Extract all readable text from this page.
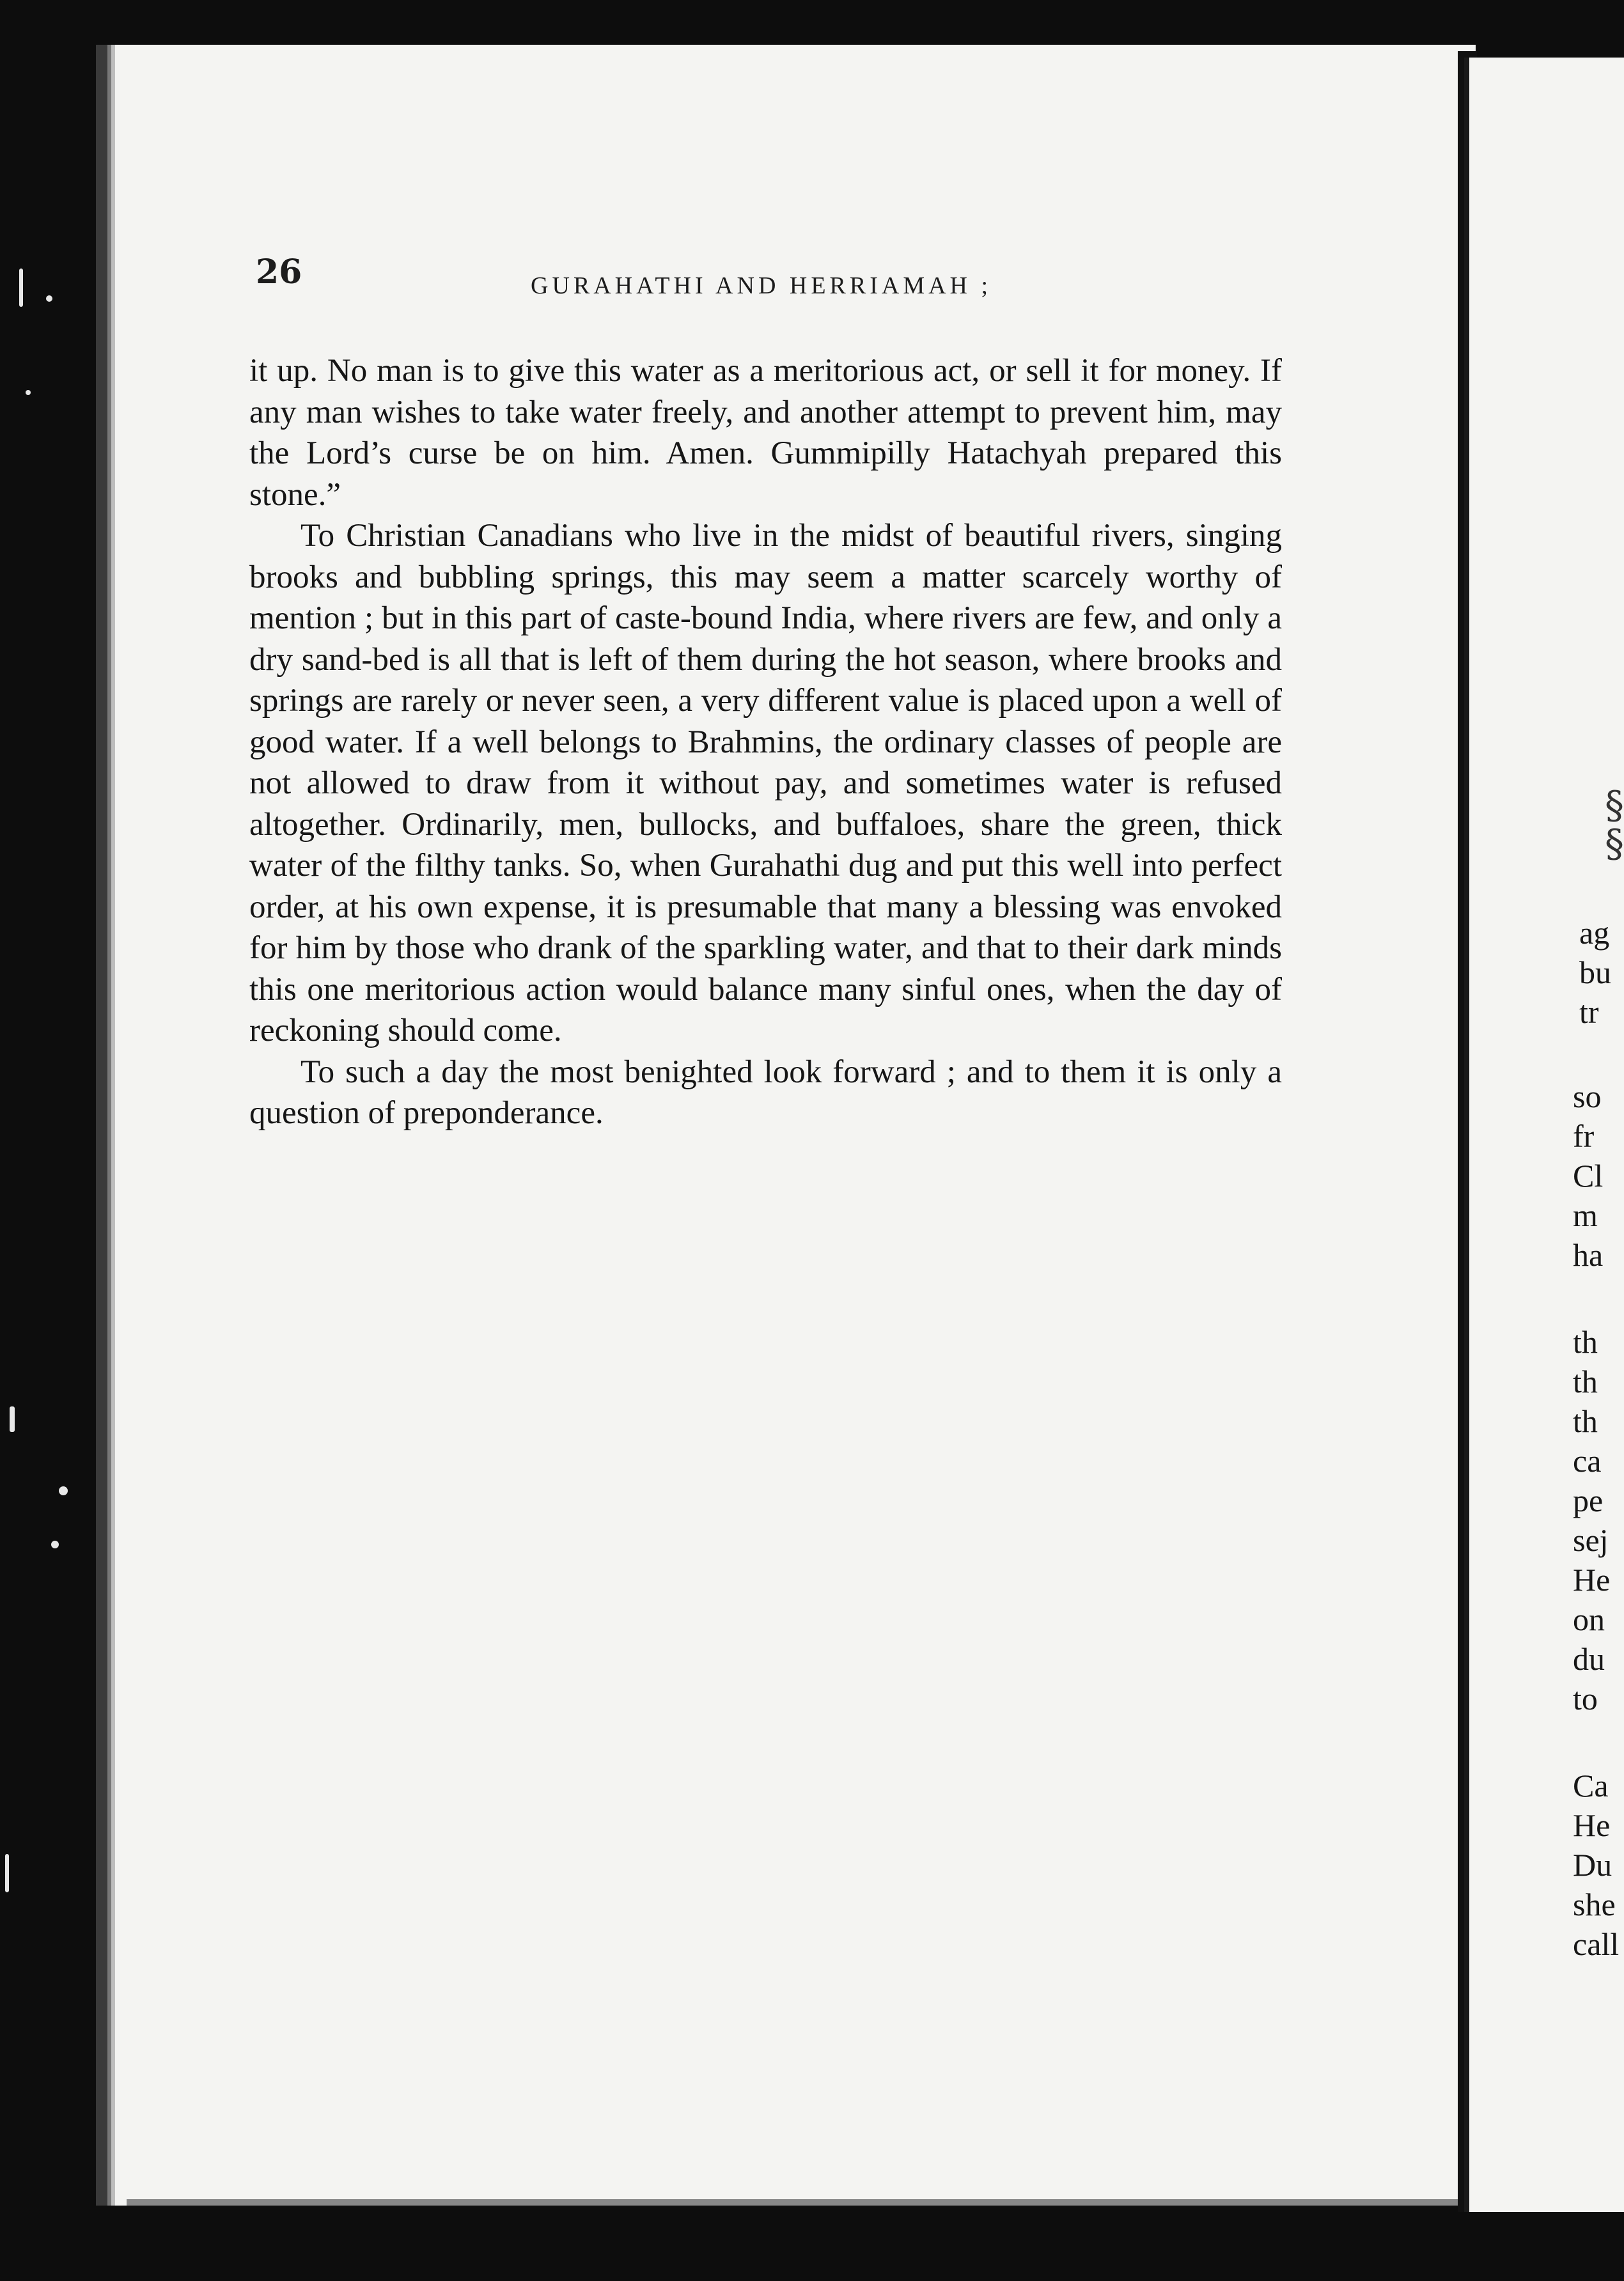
26	GURAHATHI AND HERRIAMAH ;

it up. No man is to give this water as a meritorious act, or sell it for money. If any man wishes to take water freely, and another attempt to prevent him, may the Lord’s curse be on him. Amen. Gummipilly Hatachyah prepared this stone.”

To Christian Canadians who live in the midst of beautiful rivers, singing brooks and bubbling springs, this may seem a matter scarcely worthy of mention ; but in this part of caste-bound India, where rivers are few, and only a dry sand-bed is all that is left of them during the hot season, where brooks and springs are rarely or never seen, a very different value is placed upon a well of good water. If a well belongs to Brahmins, the ordinary classes of people are not allowed to draw from it without pay, and sometimes water is refused altogether. Ordinarily, men, bullocks, and buffaloes, share the green, thick water of the filthy tanks. So, when Gurahathi dug and put this well into perfect order, at his own expense, it is presumable that many a blessing was envoked for him by those who drank of the sparkling water, and that to their dark minds this one meritorious action would balance many sinful ones, when the day of reckoning should come.

To such a day the most benighted look forward ; and to them it is only a question of preponderance.

§
§
ag
bu
tr
so
fr
Cl
m
ha
th
th
th
ca
pe
sej
He
on
du
to
Ca
He
Du
she
call
